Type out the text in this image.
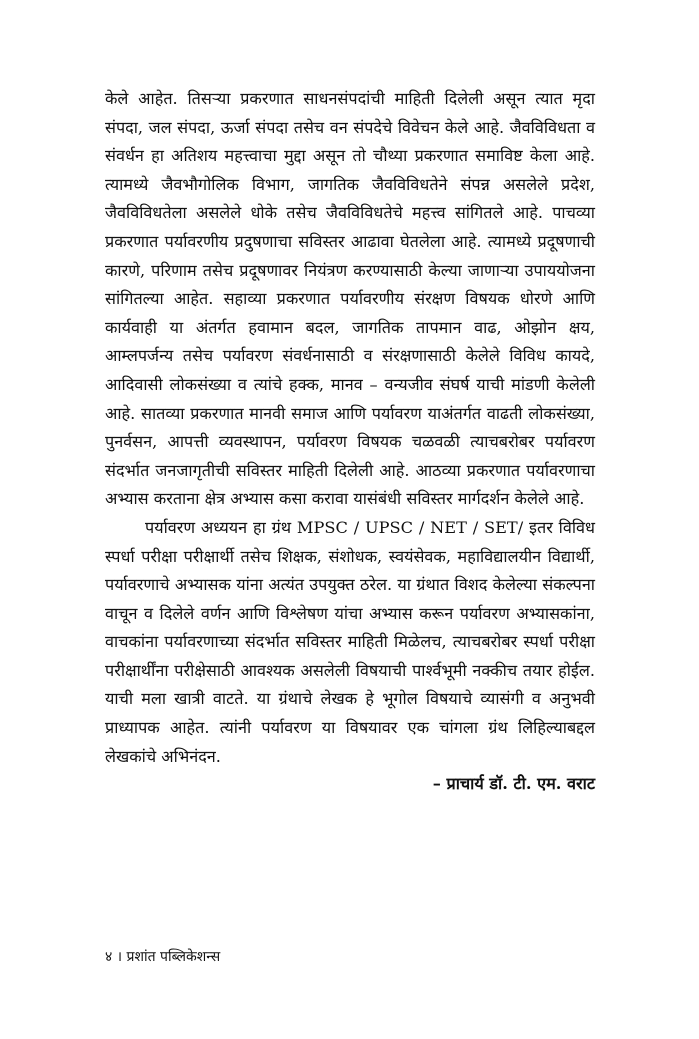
केले आहेत. तिसऱ्या प्रकरणात साधनसंपदांची माहिती दिलेली असून त्यात मृदा संपदा, जल संपदा, ऊर्जा संपदा तसेच वन संपदेचे विवेचन केले आहे. जैवविविधता व संवर्धन हा अतिशय महत्त्वाचा मुद्दा असून तो चौथ्या प्रकरणात समाविष्ट केला आहे. त्यामध्ये जैवभौगोलिक विभाग, जागतिक जैवविविधतेने संपन्न असलेले प्रदेश, जैवविविधतेला असलेले धोके तसेच जैवविविधतेचे महत्त्व सांगितले आहे. पाचव्या प्रकरणात पर्यावरणीय प्रदुषणाचा सविस्तर आढावा घेतलेला आहे. त्यामध्ये प्रदूषणाची कारणे, परिणाम तसेच प्रदूषणावर नियंत्रण करण्यासाठी केल्या जाणाऱ्या उपाययोजना सांगितल्या आहेत. सहाव्या प्रकरणात पर्यावरणीय संरक्षण विषयक धोरणे आणि कार्यवाही या अंतर्गत हवामान बदल, जागतिक तापमान वाढ, ओझोन क्षय, आम्लपर्जन्य तसेच पर्यावरण संवर्धनासाठी व संरक्षणासाठी केलेले विविध कायदे, आदिवासी लोकसंख्या व त्यांचे हक्क, मानव – वन्यजीव संघर्ष याची मांडणी केलेली आहे. सातव्या प्रकरणात मानवी समाज आणि पर्यावरण याअंतर्गत वाढती लोकसंख्या, पुनर्वसन, आपत्ती व्यवस्थापन, पर्यावरण विषयक चळवळी त्याचबरोबर पर्यावरण संदर्भात जनजागृतीची सविस्तर माहिती दिलेली आहे. आठव्या प्रकरणात पर्यावरणाचा अभ्यास करताना क्षेत्र अभ्यास कसा करावा यासंबंधी सविस्तर मार्गदर्शन केलेले आहे.

पर्यावरण अध्ययन हा ग्रंथ MPSC / UPSC / NET / SET/ इतर विविध स्पर्धा परीक्षा परीक्षार्थी तसेच शिक्षक, संशोधक, स्वयंसेवक, महाविद्यालयीन विद्यार्थी, पर्यावरणाचे अभ्यासक यांना अत्यंत उपयुक्त ठरेल. या ग्रंथात विशद केलेल्या संकल्पना वाचून व दिलेले वर्णन आणि विश्लेषण यांचा अभ्यास करून पर्यावरण अभ्यासकांना, वाचकांना पर्यावरणाच्या संदर्भात सविस्तर माहिती मिळेलच, त्याचबरोबर स्पर्धा परीक्षा परीक्षार्थींना परीक्षेसाठी आवश्यक असलेली विषयाची पार्श्वभूमी नक्कीच तयार होईल. याची मला खात्री वाटते. या ग्रंथाचे लेखक हे भूगोल विषयाचे व्यासंगी व अनुभवी प्राध्यापक आहेत. त्यांनी पर्यावरण या विषयावर एक चांगला ग्रंथ लिहिल्याबद्दल लेखकांचे अभिनंदन.

– प्राचार्य डॉ. टी. एम. वराट
४ । प्रशांत पब्लिकेशन्स
